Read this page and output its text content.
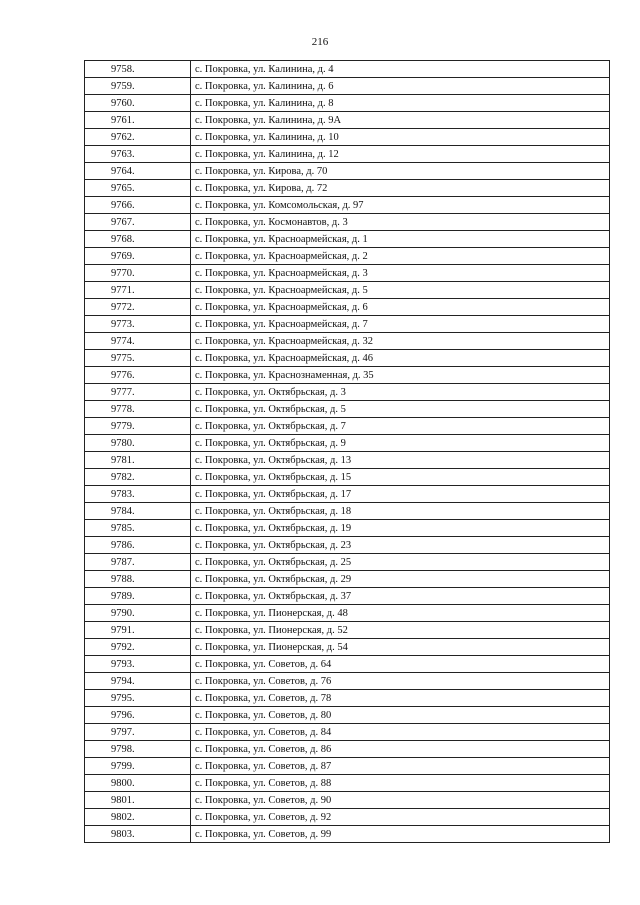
216
9758.	с. Покровка, ул. Калинина, д. 4
9759.	с. Покровка, ул. Калинина, д. 6
9760.	с. Покровка, ул. Калинина, д. 8
9761.	с. Покровка, ул. Калинина, д. 9А
9762.	с. Покровка, ул. Калинина, д. 10
9763.	с. Покровка, ул. Калинина, д. 12
9764.	с. Покровка, ул. Кирова, д. 70
9765.	с. Покровка, ул. Кирова, д. 72
9766.	с. Покровка, ул. Комсомольская, д. 97
9767.	с. Покровка, ул. Космонавтов, д. 3
9768.	с. Покровка, ул. Красноармейская, д. 1
9769.	с. Покровка, ул. Красноармейская, д. 2
9770.	с. Покровка, ул. Красноармейская, д. 3
9771.	с. Покровка, ул. Красноармейская, д. 5
9772.	с. Покровка, ул. Красноармейская, д. 6
9773.	с. Покровка, ул. Красноармейская, д. 7
9774.	с. Покровка, ул. Красноармейская, д. 32
9775.	с. Покровка, ул. Красноармейская, д. 46
9776.	с. Покровка, ул. Краснознаменная, д. 35
9777.	с. Покровка, ул. Октябрьская, д. 3
9778.	с. Покровка, ул. Октябрьская, д. 5
9779.	с. Покровка, ул. Октябрьская, д. 7
9780.	с. Покровка, ул. Октябрьская, д. 9
9781.	с. Покровка, ул. Октябрьская, д. 13
9782.	с. Покровка, ул. Октябрьская, д. 15
9783.	с. Покровка, ул. Октябрьская, д. 17
9784.	с. Покровка, ул. Октябрьская, д. 18
9785.	с. Покровка, ул. Октябрьская, д. 19
9786.	с. Покровка, ул. Октябрьская, д. 23
9787.	с. Покровка, ул. Октябрьская, д. 25
9788.	с. Покровка, ул. Октябрьская, д. 29
9789.	с. Покровка, ул. Октябрьская, д. 37
9790.	с. Покровка, ул. Пионерская, д. 48
9791.	с. Покровка, ул. Пионерская, д. 52
9792.	с. Покровка, ул. Пионерская, д. 54
9793.	с. Покровка, ул. Советов, д. 64
9794.	с. Покровка, ул. Советов, д. 76
9795.	с. Покровка, ул. Советов, д. 78
9796.	с. Покровка, ул. Советов, д. 80
9797.	с. Покровка, ул. Советов, д. 84
9798.	с. Покровка, ул. Советов, д. 86
9799.	с. Покровка, ул. Советов, д. 87
9800.	с. Покровка, ул. Советов, д. 88
9801.	с. Покровка, ул. Советов, д. 90
9802.	с. Покровка, ул. Советов, д. 92
9803.	с. Покровка, ул. Советов, д. 99
